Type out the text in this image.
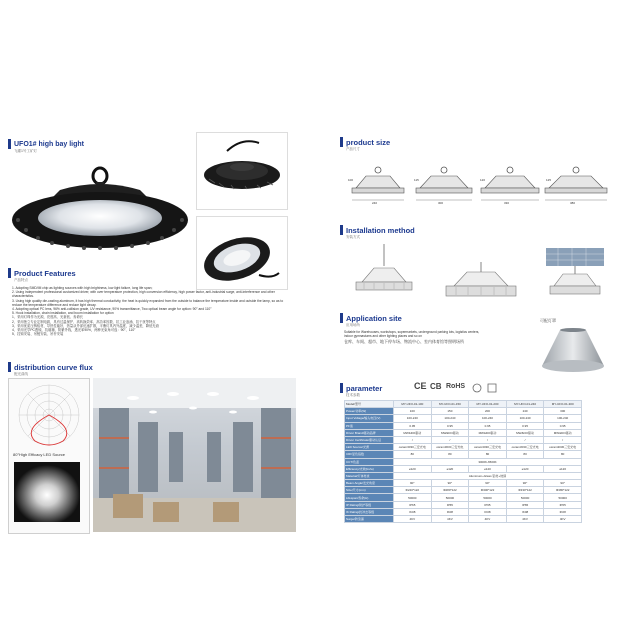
UFO1# high bay light
飞碟1号工矿灯
Product Features
产品特点
1. Adopting SMD/IM chip as lighting sources with high brightness, low light failure, long life span;
2. Using independent professional customized driver, with over temperature protection, high conversion efficiency, high power factor, anti-industrial surge, anti-interference and other characteristics.
3. Using high quality die-casting aluminum, it has high thermal conductivity, the heat is quickly expanded from the outside to balance the temperature inside and outside the lamp, so as to reduce the temperature difference and reduce light decay.
4. Adopting optical PC lens, 96% anti-collision grade, UV resistance, 90% transmittance, Two optical beam angle for option: 90° and 110°
5. Hook installation, chain installation, and boom installation for option
1、采用灯珠作为光源，亮度高、光衰低、寿命长
2、采用独立专业定制电源，具有过温保护、高转换效率、高功率因数、抗工业浪涌、抗干扰等特点
3、采用优质压铸铝材，导热性能好，热量从外部迅速扩散，平衡灯具内外温度，减少温差，降低光衰
4、采用光学PC透镜，抗碰撞，防紫外线，透光率90%，两种光束角可选：90°、110°
5、挂钩安装、吊链安装、吊杆安装
distribution curve flux
配光曲线
80°High Efficacy LED Source
product size
产品尺寸
100
240
115
300
120
330
125
380
Installation method
安装方式
Application site
应用场所
Suitable for Warehouses, workshops, supermarkets, underground parking lots, logistics centers,
indoor gymnasiums and other lighting places and so on
仓库、车间、超市、地下停车场、物流中心、室内体育馆等照明场所
可配灯罩
parameter
技术参数
CE CB RoHS
Model/型号	MY-UFO-01-100	MY-UFO-01-150	MY-UFO-01-200	MY-UFO-01-240	MY-UFO-01-300
Power/功率(W)	100	150	200	240	300
Input Voltage/输入电压(V)	100-240	100-240	100-240	100-240	100-240
PF值	0.95	0.95	0.95	0.95	0.95
Driver Brand/驱动品牌	MW&DO驱动	MW&DO驱动	MW&DO驱动	MW&DO驱动	MW&DO驱动
Driver Certificate/驱动认证	/	/	/	/	/
LED Source/光源	osram3030三安光电	osram3030三安光电	osram3030三安光电	osram3030三安光电	osram3030三安光电
CRI/显色指数	80	80	80	80	80
CCT/色温	3000K-6500K				
Efficiency/光效(lm/w)	≥120	≥120	≥120	≥120	≥120
Material/灯体材质	Aluminum+Glass 铝材+玻璃				
Beam Angle/发光角度	90°	90°	90°	90°	90°
Size/尺寸(mm)	Φ240*122	Φ280*122	Φ300*122	Φ330*122	Φ380*122
Lifespan/寿命(H)	50000	50000	50000	50000	50000
IP Rating/防护等级	IP65	IP65	IP65	IP65	IP65
IK Rating/抗冲击等级	IK08	IK08	IK08	IK08	IK08
Surge/防浪涌	4KV	4KV	4KV	4KV	4KV
